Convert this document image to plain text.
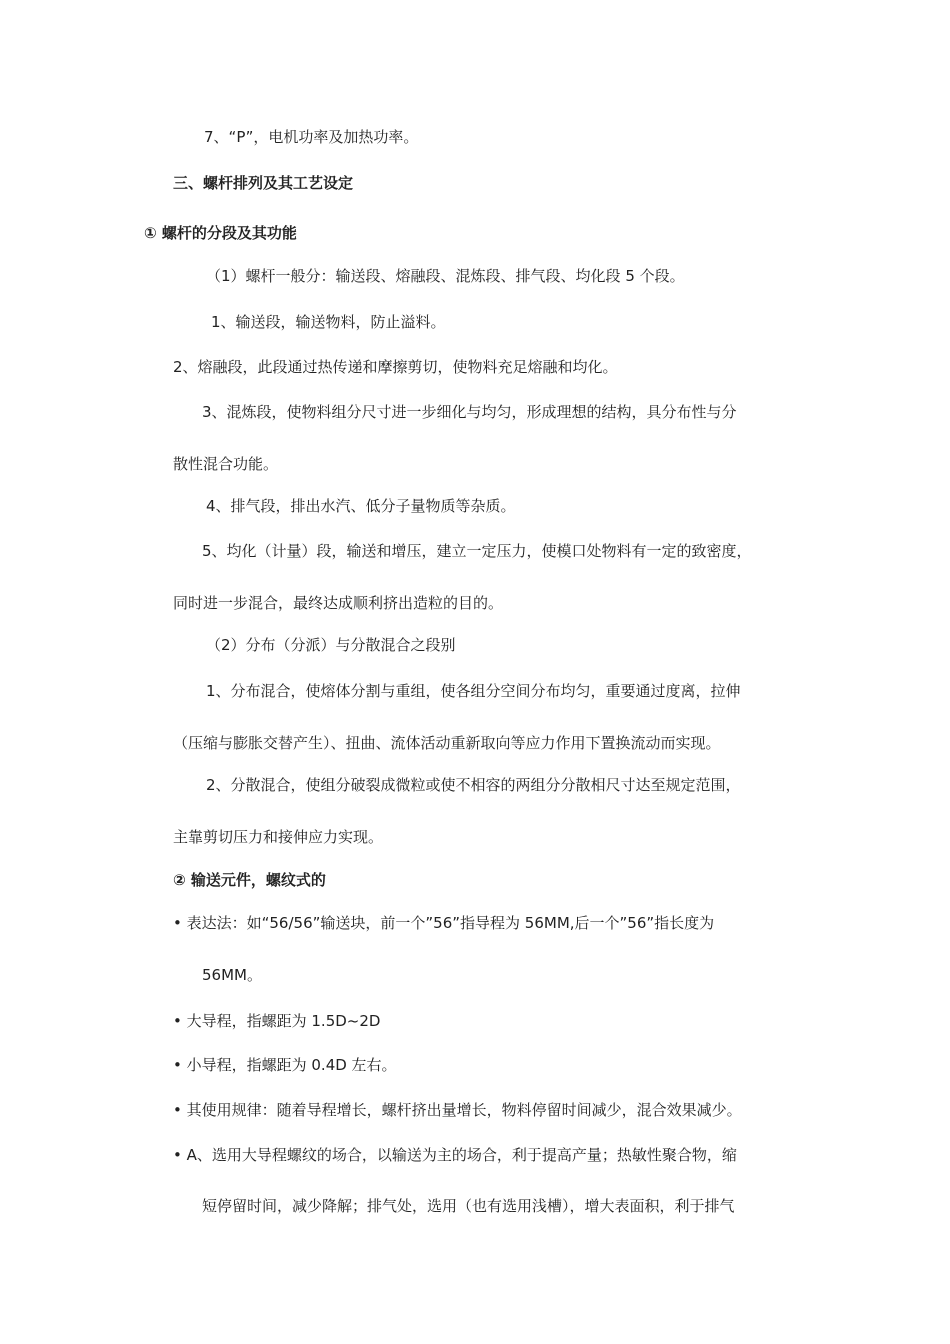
7、“P”，电机功率及加热功率。
三、螺杆排列及其工艺设定
① 螺杆的分段及其功能
（1）螺杆一般分：输送段、熔融段、混炼段、排气段、均化段 5 个段。
1、输送段，输送物料，防止溢料。
2、熔融段，此段通过热传递和摩擦剪切，使物料充足熔融和均化。
3、混炼段，使物料组分尺寸进一步细化与均匀，形成理想的结构，具分布性与分
散性混合功能。
4、排气段，排出水汽、低分子量物质等杂质。
5、均化（计量）段，输送和增压，建立一定压力，使模口处物料有一定的致密度，
同时进一步混合，最终达成顺利挤出造粒的目的。
（2）分布（分派）与分散混合之段别
1、分布混合，使熔体分割与重组，使各组分空间分布均匀，重要通过度离，拉伸
（压缩与膨胀交替产生）、扭曲、流体活动重新取向等应力作用下置换流动而实现。
2、分散混合，使组分破裂成微粒或使不相容的两组分分散相尺寸达至规定范围，
主靠剪切压力和接伸应力实现。
② 输送元件，螺纹式的
• 表达法：如“56/56”输送块，前一个”56”指导程为 56MM,后一个”56”指长度为
56MM。
• 大导程，指螺距为 1.5D~2D
• 小导程，指螺距为 0.4D 左右。
• 其使用规律：随着导程增长，螺杆挤出量增长，物料停留时间减少，混合效果减少。
• A、选用大导程螺纹的场合，以输送为主的场合，利于提高产量；热敏性聚合物，缩
短停留时间，减少降解；排气处，选用（也有选用浅槽），增大表面积，利于排气
